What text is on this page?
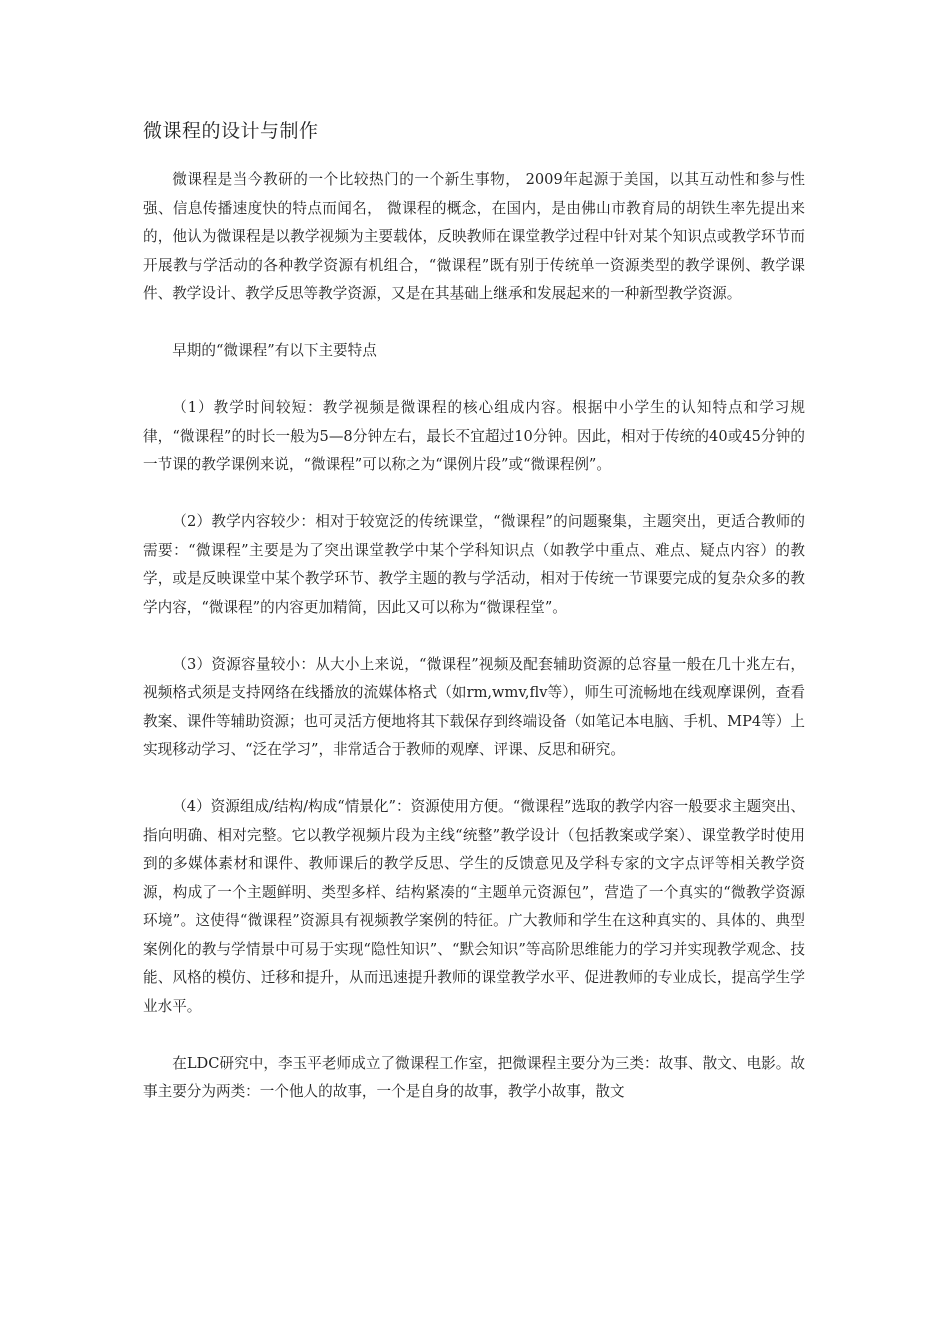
微课程的设计与制作

微课程是当今教研的一个比较热门的一个新生事物， 2009年起源于美国，以其互动性和参与性强、信息传播速度快的特点而闻名， 微课程的概念，在国内，是由佛山市教育局的胡铁生率先提出来的，他认为微课程是以教学视频为主要载体，反映教师在课堂教学过程中针对某个知识点或教学环节而开展教与学活动的各种教学资源有机组合，“微课程”既有别于传统单一资源类型的教学课例、教学课件、教学设计、教学反思等教学资源，又是在其基础上继承和发展起来的一种新型教学资源。

早期的“微课程”有以下主要特点

（1）教学时间较短：教学视频是微课程的核心组成内容。根据中小学生的认知特点和学习规律，“微课程”的时长一般为5—8分钟左右，最长不宜超过10分钟。因此，相对于传统的40或45分钟的一节课的教学课例来说，“微课程”可以称之为“课例片段”或“微课程例”。

（2）教学内容较少：相对于较宽泛的传统课堂，“微课程”的问题聚集，主题突出，更适合教师的需要：“微课程”主要是为了突出课堂教学中某个学科知识点（如教学中重点、难点、疑点内容）的教学，或是反映课堂中某个教学环节、教学主题的教与学活动，相对于传统一节课要完成的复杂众多的教学内容，“微课程”的内容更加精简，因此又可以称为“微课程堂”。

（3）资源容量较小：从大小上来说，“微课程”视频及配套辅助资源的总容量一般在几十兆左右，视频格式须是支持网络在线播放的流媒体格式（如rm,wmv,flv等），师生可流畅地在线观摩课例，查看教案、课件等辅助资源；也可灵活方便地将其下载保存到终端设备（如笔记本电脑、手机、MP4等）上实现移动学习、“泛在学习”，非常适合于教师的观摩、评课、反思和研究。

（4）资源组成/结构/构成“情景化”：资源使用方便。“微课程”选取的教学内容一般要求主题突出、指向明确、相对完整。它以教学视频片段为主线“统整”教学设计（包括教案或学案）、课堂教学时使用到的多媒体素材和课件、教师课后的教学反思、学生的反馈意见及学科专家的文字点评等相关教学资源，构成了一个主题鲜明、类型多样、结构紧凑的“主题单元资源包”，营造了一个真实的“微教学资源环境”。这使得“微课程”资源具有视频教学案例的特征。广大教师和学生在这种真实的、具体的、典型案例化的教与学情景中可易于实现“隐性知识”、“默会知识”等高阶思维能力的学习并实现教学观念、技能、风格的模仿、迁移和提升，从而迅速提升教师的课堂教学水平、促进教师的专业成长，提高学生学业水平。

在LDC研究中，李玉平老师成立了微课程工作室，把微课程主要分为三类：故事、散文、电影。故事主要分为两类：一个他人的故事，一个是自身的故事，教学小故事，散文
